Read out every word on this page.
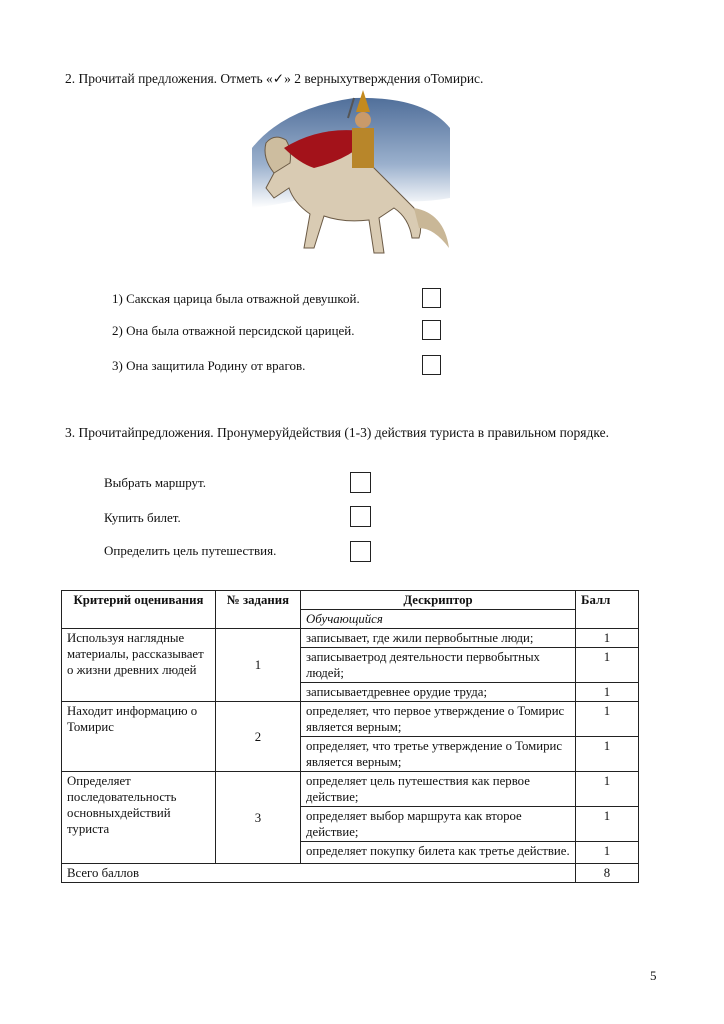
2. Прочитай предложения. Отметь «✓» 2 верныхутверждения оТомирис.
1) Сакская царица была отважной девушкой.
2) Она была отважной персидской царицей.
3) Она защитила Родину от врагов.
3. Прочитайпредложения. Пронумеруйдействия (1-3) действия туриста в правильном порядке.
Выбрать маршрут.
Купить билет.
Определить цель путешествия.
Критерий оценивания	№ задания	Дескриптор	Балл
		Обучающийся	
Используя наглядные материалы, рассказывает о жизни древних людей	1	записывает, где жили первобытные люди;	1
		записываетрод деятельности первобытных людей;	1
		записываетдревнее орудие труда;	1
Находит информацию о Томирис	2	определяет, что первое утверждение о Томирис является верным;	1
		определяет, что третье утверждение о Томирис является верным;	1
Определяет последовательность основныхдействий туриста	3	определяет цель путешествия как первое действие;	1
		определяет выбор маршрута как второе действие;	1
		определяет покупку билета как третье действие.	1
Всего баллов			8
5
